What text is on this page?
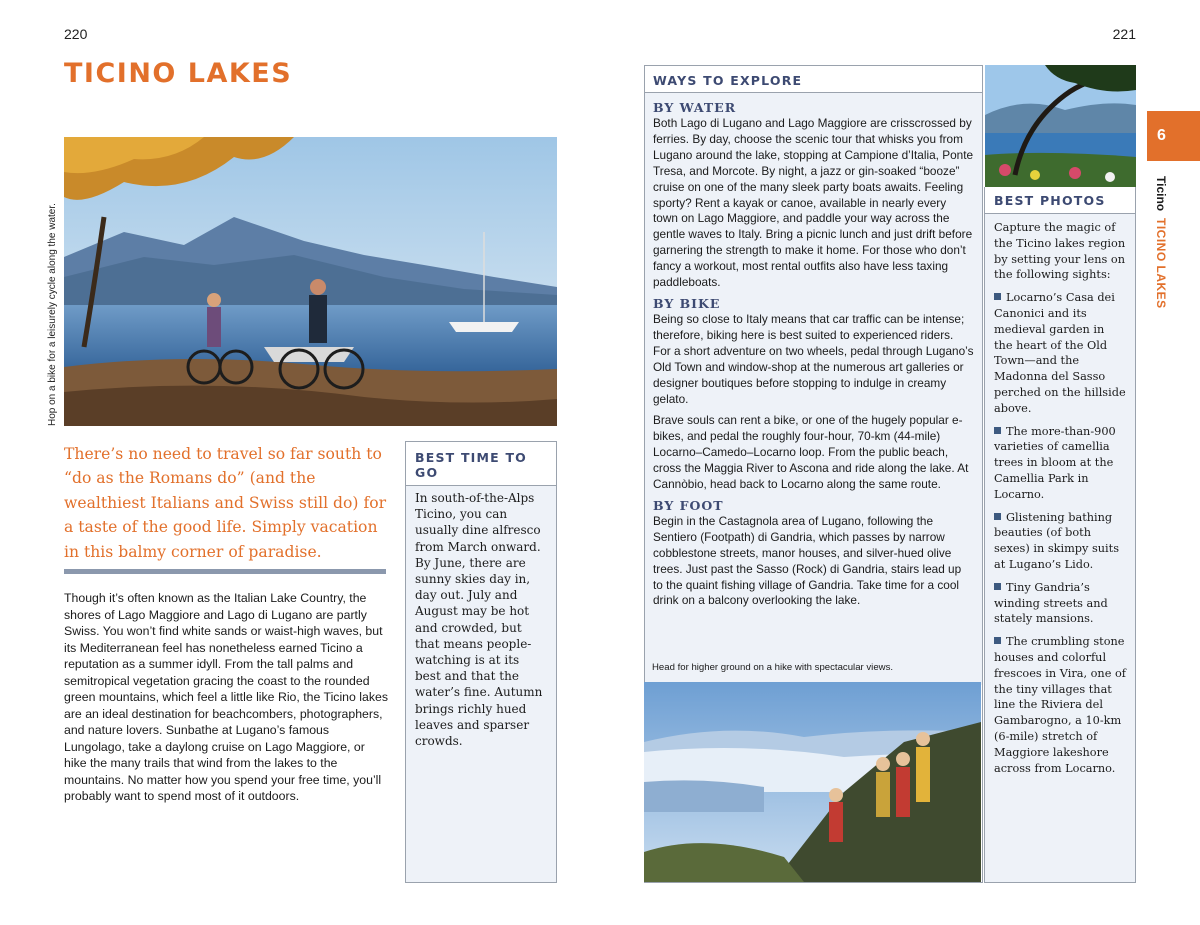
220	221
TICINO LAKES
Hop on a bike for a leisurely cycle along the water.

There’s no need to travel so far south to “do as the Romans do” (and the wealthiest Italians and Swiss still do) for a taste of the good life. Simply vacation in this balmy corner of paradise.

Though it’s often known as the Italian Lake Country, the shores of Lago Maggiore and Lago di Lugano are partly Swiss. You won’t find white sands or waist-high waves, but its Mediterranean feel has nonetheless earned Ticino a reputation as a summer idyll. From the tall palms and semitropical vegetation gracing the coast to the rounded green mountains, which feel a little like Rio, the Ticino lakes are an ideal destination for beachcombers, photographers, and nature lovers. Sunbathe at Lugano’s famous Lungolago, take a daylong cruise on Lago Maggiore, or hike the many trails that wind from the lakes to the mountains. No matter how you spend your free time, you’ll probably want to spend most of it outdoors.

BEST TIME TO GO

In south-of-the-Alps Ticino, you can usually dine alfresco from March onward. By June, there are sunny skies day in, day out. July and August may be hot and crowded, but that means people-watching is at its best and that the water’s fine. Autumn brings richly hued leaves and sparser crowds.

WAYS TO EXPLORE
BY WATER

Both Lago di Lugano and Lago Maggiore are crisscrossed by ferries. By day, choose the scenic tour that whisks you from Lugano around the lake, stopping at Campione d’Italia, Ponte Tresa, and Morcote. By night, a jazz or gin-soaked “booze” cruise on one of the many sleek party boats awaits. Feeling sporty? Rent a kayak or canoe, available in nearly every town on Lago Maggiore, and paddle your way across the gentle waves to Italy. Bring a picnic lunch and just drift before garnering the strength to make it home. For those who don’t fancy a workout, most rental outfits also have less taxing paddleboats.

BY BIKE

Being so close to Italy means that car traffic can be intense; therefore, biking here is best suited to experienced riders. For a short adventure on two wheels, pedal through Lugano’s Old Town and window-shop at the numerous art galleries or designer boutiques before stopping to indulge in creamy gelato.

Brave souls can rent a bike, or one of the hugely popular e-bikes, and pedal the roughly four-hour, 70-km (44-mile) Locarno–Camedo–Locarno loop. From the public beach, cross the Maggia River to Ascona and ride along the lake. At Cannòbio, head back to Locarno along the same route.

BY FOOT

Begin in the Castagnola area of Lugano, following the Sentiero (Footpath) di Gandria, which passes by narrow cobblestone streets, manor houses, and silver-hued olive trees. Just past the Sasso (Rock) di Gandria, stairs lead up to the quaint fishing village of Gandria. Take time for a cool drink on a balcony overlooking the lake.

Head for higher ground on a hike with spectacular views.
BEST PHOTOS

Capture the magic of the Ticino lakes region by setting your lens on the following sights:

Locarno’s Casa dei Canonici and its medieval garden in the heart of the Old Town—and the Madonna del Sasso perched on the hillside above.
The more-than-900 varieties of camellia trees in bloom at the Camellia Park in Locarno.
Glistening bathing beauties (of both sexes) in skimpy suits at Lugano’s Lido.
Tiny Gandria’s winding streets and stately mansions.
The crumbling stone houses and colorful frescoes in Vira, one of the tiny villages that line the Riviera del Gambarogno, a 10-km (6-mile) stretch of Maggiore lakeshore across from Locarno.
6
Ticino
TICINO LAKES
